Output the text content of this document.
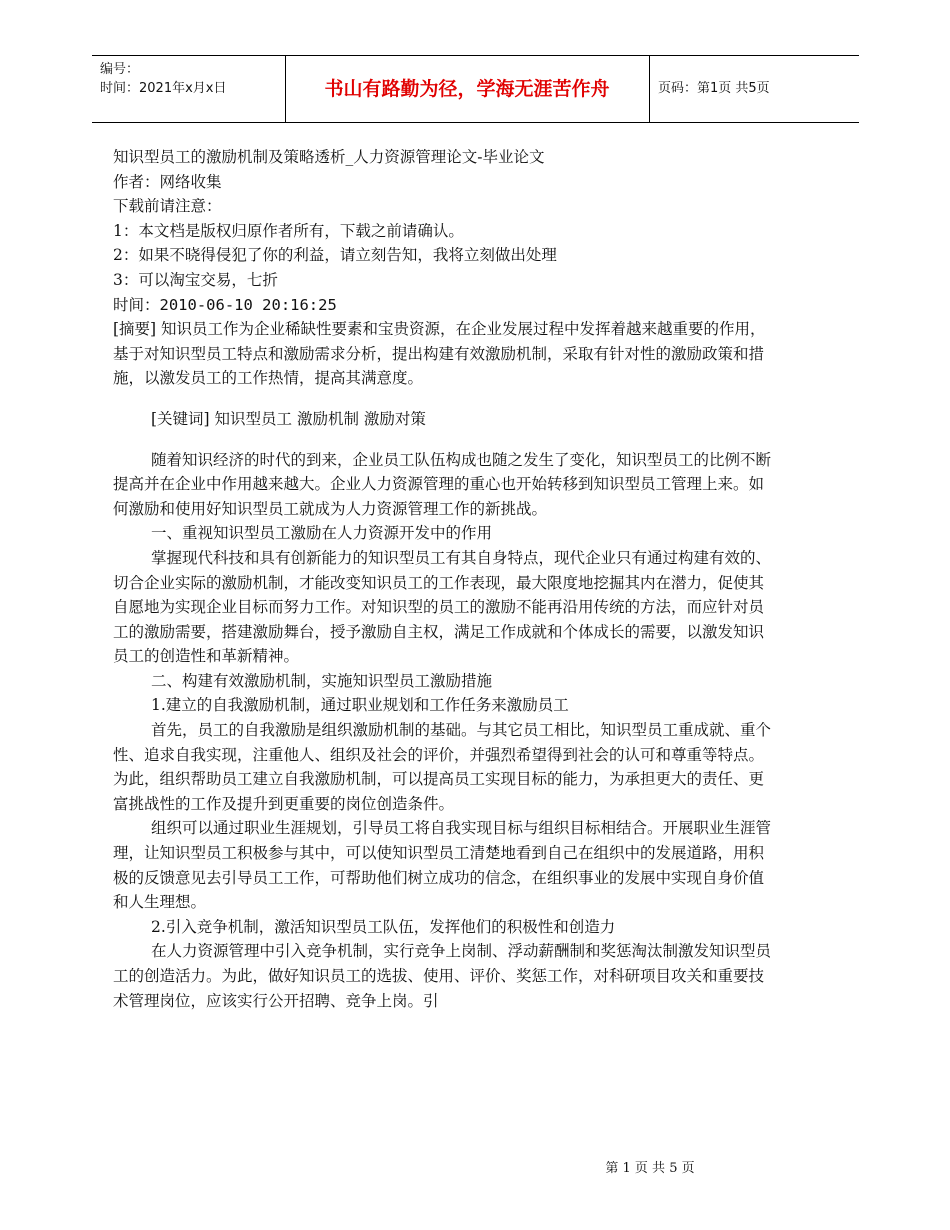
编号：
时间：2021年x月x日	书山有路勤为径，学海无涯苦作舟	页码：第1页 共5页

知识型员工的激励机制及策略透析_人力资源管理论文-毕业论文

作者：网络收集

下载前请注意：

1：本文档是版权归原作者所有，下载之前请确认。

2：如果不晓得侵犯了你的利益，请立刻告知，我将立刻做出处理

3：可以淘宝交易，七折

时间：2010-06-10 20:16:25

[摘要] 知识员工作为企业稀缺性要素和宝贵资源，在企业发展过程中发挥着越来越重要的作用，基于对知识型员工特点和激励需求分析，提出构建有效激励机制，采取有针对性的激励政策和措施，以激发员工的工作热情，提高其满意度。

[关键词] 知识型员工 激励机制 激励对策

随着知识经济的时代的到来，企业员工队伍构成也随之发生了变化，知识型员工的比例不断提高并在企业中作用越来越大。企业人力资源管理的重心也开始转移到知识型员工管理上来。如何激励和使用好知识型员工就成为人力资源管理工作的新挑战。

一、重视知识型员工激励在人力资源开发中的作用

掌握现代科技和具有创新能力的知识型员工有其自身特点，现代企业只有通过构建有效的、切合企业实际的激励机制，才能改变知识员工的工作表现，最大限度地挖掘其内在潜力，促使其自愿地为实现企业目标而努力工作。对知识型的员工的激励不能再沿用传统的方法，而应针对员工的激励需要，搭建激励舞台，授予激励自主权，满足工作成就和个体成长的需要，以激发知识员工的创造性和革新精神。

二、构建有效激励机制，实施知识型员工激励措施

1.建立的自我激励机制，通过职业规划和工作任务来激励员工

首先，员工的自我激励是组织激励机制的基础。与其它员工相比，知识型员工重成就、重个性、追求自我实现，注重他人、组织及社会的评价，并强烈希望得到社会的认可和尊重等特点。为此，组织帮助员工建立自我激励机制，可以提高员工实现目标的能力，为承担更大的责任、更富挑战性的工作及提升到更重要的岗位创造条件。

组织可以通过职业生涯规划，引导员工将自我实现目标与组织目标相结合。开展职业生涯管理，让知识型员工积极参与其中，可以使知识型员工清楚地看到自己在组织中的发展道路，用积极的反馈意见去引导员工工作，可帮助他们树立成功的信念，在组织事业的发展中实现自身价值和人生理想。

2.引入竞争机制，激活知识型员工队伍，发挥他们的积极性和创造力

在人力资源管理中引入竞争机制，实行竞争上岗制、浮动薪酬制和奖惩淘汰制激发知识型员工的创造活力。为此，做好知识员工的选拔、使用、评价、奖惩工作，对科研项目攻关和重要技术管理岗位，应该实行公开招聘、竞争上岗。引

第 1 页 共 5 页
